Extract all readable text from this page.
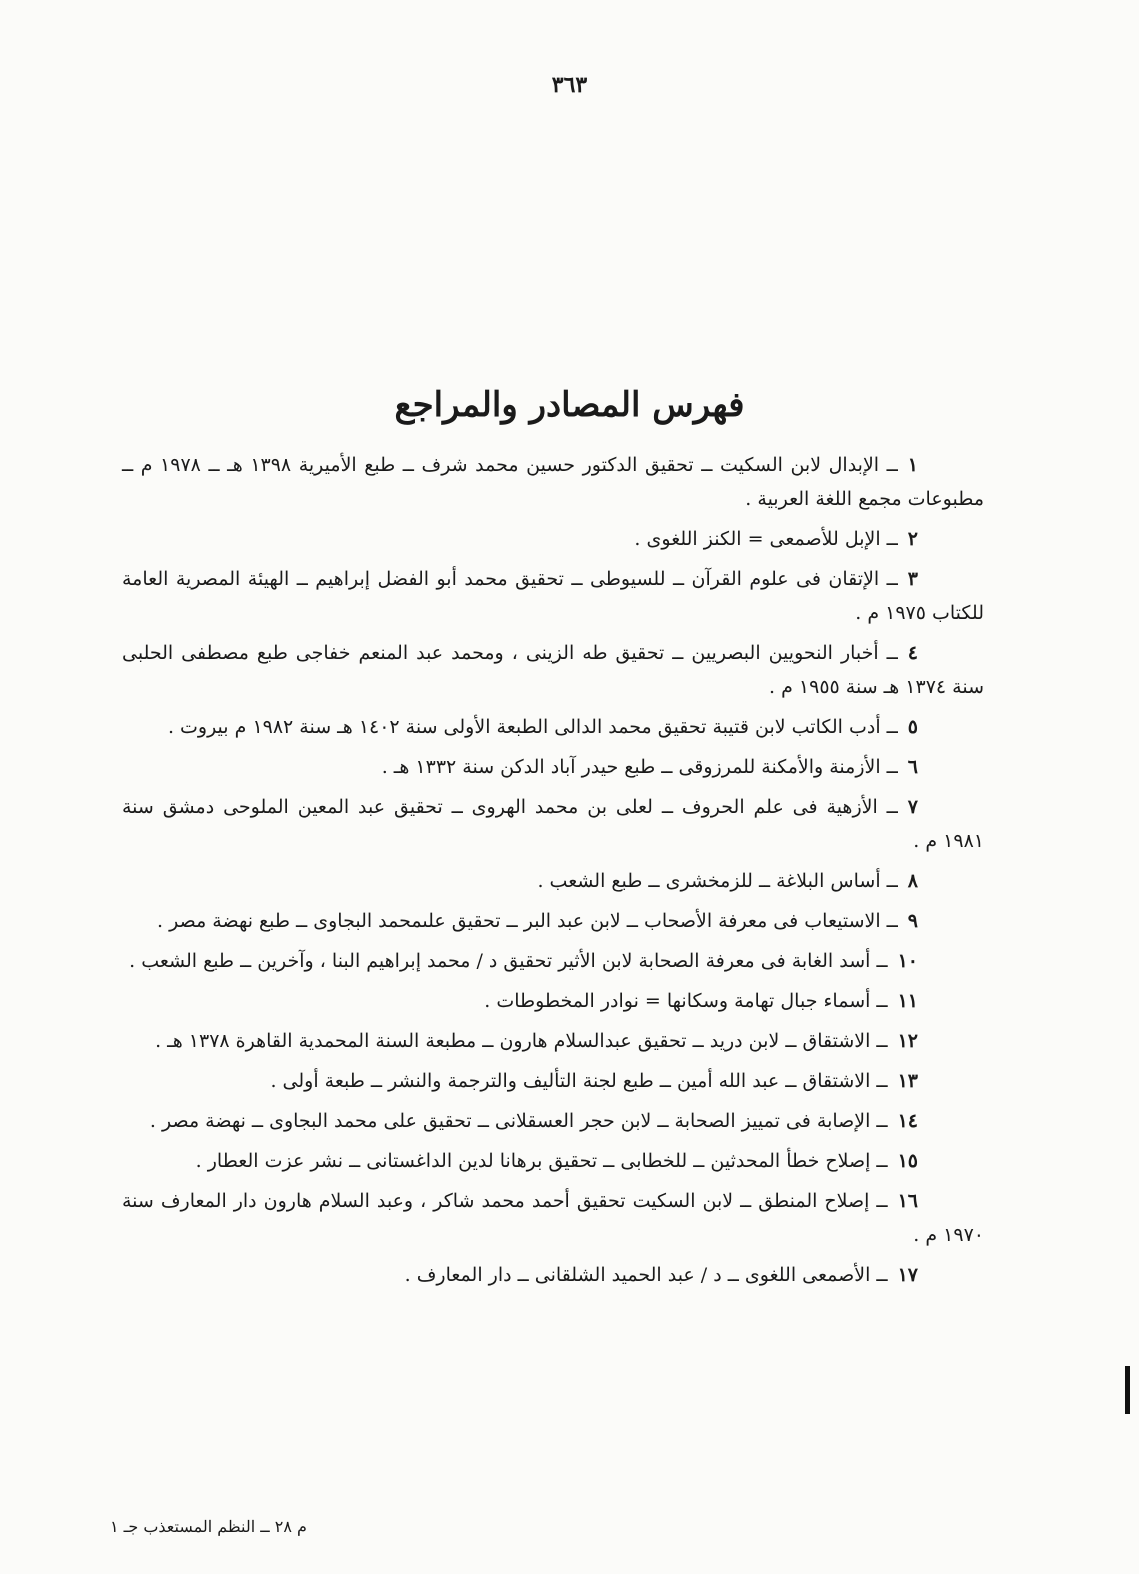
٣٦٣
فهرس المصادر والمراجع
١ــ الإبدال لابن السكيت ــ تحقيق الدكتور حسين محمد شرف ــ طبع الأميرية ١٣٩٨ هـ ــ ١٩٧٨ م ــ مطبوعات مجمع اللغة العربية .
٢ــ الإبل للأصمعى = الكنز اللغوى .
٣ــ الإتقان فى علوم القرآن ــ للسيوطى ــ تحقيق محمد أبو الفضل إبراهيم ــ الهيئة المصرية العامة للكتاب ١٩٧٥ م .
٤ــ أخبار النحويين البصريين ــ تحقيق طه الزينى ، ومحمد عبد المنعم خفاجى طبع مصطفى الحلبى سنة ١٣٧٤ هـ سنة ١٩٥٥ م .
٥ــ أدب الكاتب لابن قتيبة تحقيق محمد الدالى الطبعة الأولى سنة ١٤٠٢ هـ سنة ١٩٨٢ م بيروت .
٦ــ الأزمنة والأمكنة للمرزوقى ــ طبع حيدر آباد الدكن سنة ١٣٣٢ هـ .
٧ــ الأزهية فى علم الحروف ــ لعلى بن محمد الهروى ــ تحقيق عبد المعين الملوحى دمشق سنة ١٩٨١ م .
٨ــ أساس البلاغة ــ للزمخشرى ــ طبع الشعب .
٩ــ الاستيعاب فى معرفة الأصحاب ــ لابن عبد البر ــ تحقيق علىمحمد البجاوى ــ طبع نهضة مصر .
١٠ــ أسد الغابة فى معرفة الصحابة لابن الأثير تحقيق د / محمد إبراهيم البنا ، وآخرين ــ طبع الشعب .
١١ــ أسماء جبال تهامة وسكانها = نوادر المخطوطات .
١٢ــ الاشتقاق ــ لابن دريد ــ تحقيق عبدالسلام هارون ــ مطبعة السنة المحمدية القاهرة ١٣٧٨ هـ .
١٣ــ الاشتقاق ــ عبد الله أمين ــ طبع لجنة التأليف والترجمة والنشر ــ طبعة أولى .
١٤ــ الإصابة فى تمييز الصحابة ــ لابن حجر العسقلانى ــ تحقيق على محمد البجاوى ــ نهضة مصر .
١٥ــ إصلاح خطأ المحدثين ــ للخطابى ــ تحقيق برهانا لدين الداغستانى ــ نشر عزت العطار .
١٦ــ إصلاح المنطق ــ لابن السكيت تحقيق أحمد محمد شاكر ، وعبد السلام هارون دار المعارف سنة ١٩٧٠ م .
١٧ــ الأصمعى اللغوى ــ د / عبد الحميد الشلقانى ــ دار المعارف .
م ٢٨ ــ النظم المستعذب جـ ١
